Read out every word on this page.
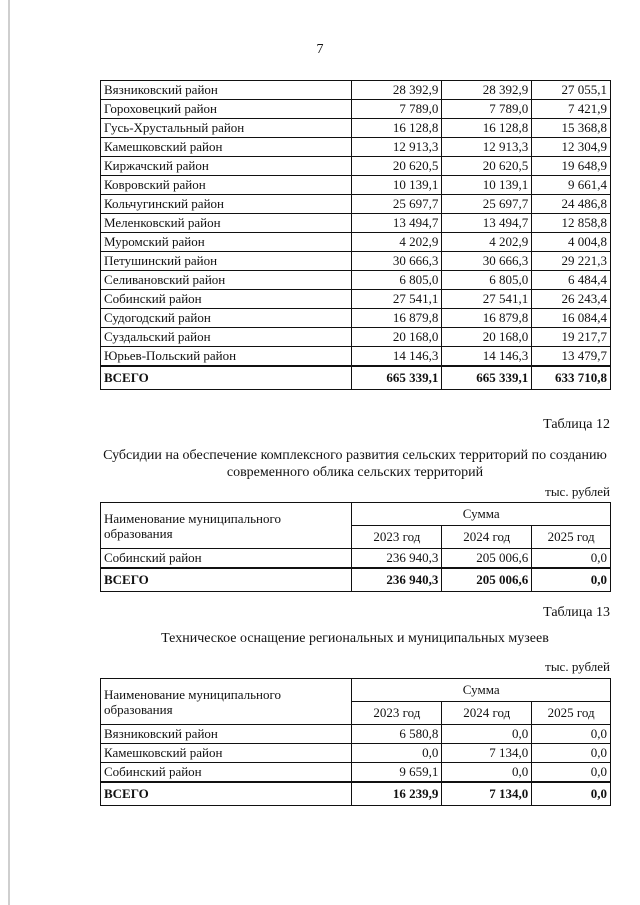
7
Вязниковский район	28 392,9	28 392,9	27 055,1
Гороховецкий район	7 789,0	7 789,0	7 421,9
Гусь-Хрустальный район	16 128,8	16 128,8	15 368,8
Камешковский район	12 913,3	12 913,3	12 304,9
Киржачский район	20 620,5	20 620,5	19 648,9
Ковровский район	10 139,1	10 139,1	9 661,4
Кольчугинский район	25 697,7	25 697,7	24 486,8
Меленковский район	13 494,7	13 494,7	12 858,8
Муромский район	4 202,9	4 202,9	4 004,8
Петушинский район	30 666,3	30 666,3	29 221,3
Селивановский район	6 805,0	6 805,0	6 484,4
Собинский район	27 541,1	27 541,1	26 243,4
Судогодский район	16 879,8	16 879,8	16 084,4
Суздальский район	20 168,0	20 168,0	19 217,7
Юрьев-Польский район	14 146,3	14 146,3	13 479,7
ВСЕГО	665 339,1	665 339,1	633 710,8
Таблица 12
Субсидии на обеспечение комплексного развития сельских территорий по созданию
современного облика сельских территорий
тыс. рублей
Наименование муниципального образования	Сумма		
	2023 год	2024 год	2025 год
Собинский район	236 940,3	205 006,6	0,0
ВСЕГО	236 940,3	205 006,6	0,0
Таблица 13
Техническое оснащение региональных и муниципальных музеев
тыс. рублей
Наименование муниципального образования	Сумма		
	2023 год	2024 год	2025 год
Вязниковский район	6 580,8	0,0	0,0
Камешковский район	0,0	7 134,0	0,0
Собинский район	9 659,1	0,0	0,0
ВСЕГО	16 239,9	7 134,0	0,0
